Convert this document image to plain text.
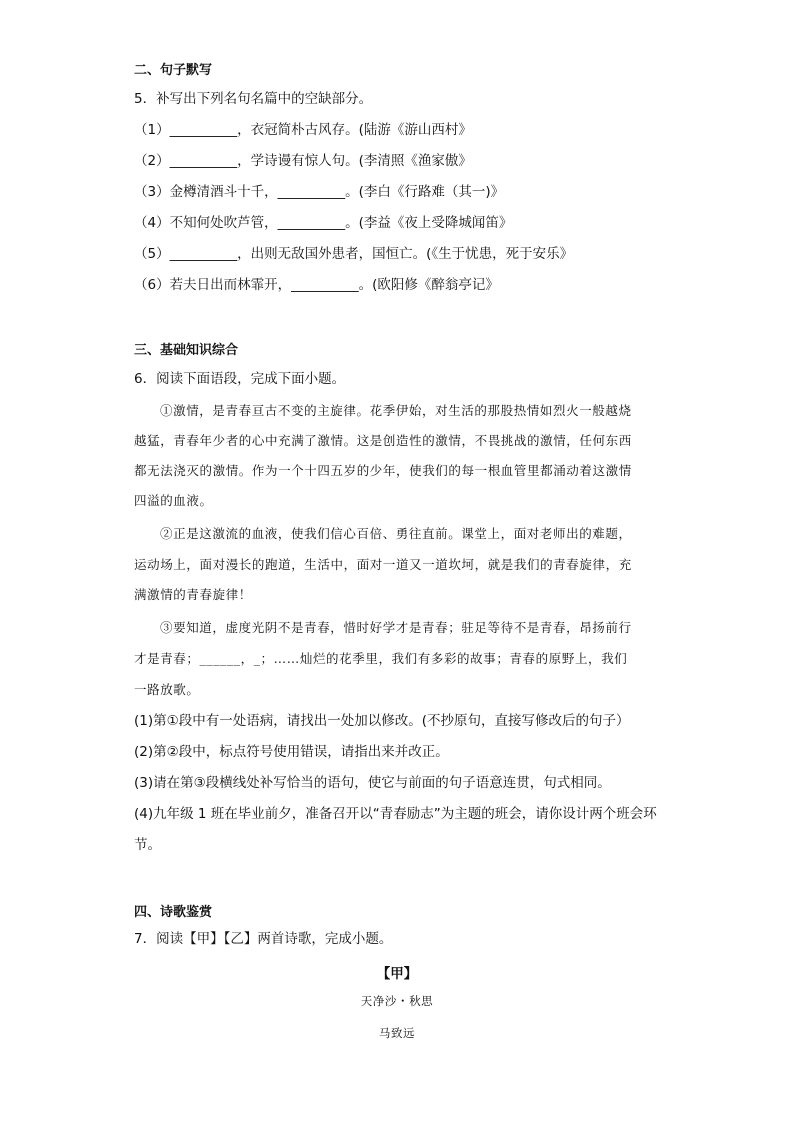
二、句子默写
5．补写出下列名句名篇中的空缺部分。
（1）__________，衣冠简朴古风存。(陆游《游山西村》
（2）__________，学诗谩有惊人句。(李清照《渔家傲》
（3）金樽清酒斗十千，__________。(李白《行路难（其一)》
（4）不知何处吹芦管，__________。(李益《夜上受降城闻笛》
（5）__________，出则无敌国外患者，国恒亡。(《生于忧患，死于安乐》
（6）若夫日出而林霏开，__________。(欧阳修《醉翁亭记》
三、基础知识综合
6．阅读下面语段，完成下面小题。
①激情，是青春亘古不变的主旋律。花季伊始，对生活的那股热情如烈火一般越烧
越猛，青春年少者的心中充满了激情。这是创造性的激情，不畏挑战的激情，任何东西
都无法浇灭的激情。作为一个十四五岁的少年，使我们的每一根血管里都涌动着这激情
四溢的血液。
②正是这激流的血液，使我们信心百倍、勇往直前。课堂上，面对老师出的难题，
运动场上，面对漫长的跑道，生活中，面对一道又一道坎坷，就是我们的青春旋律，充
满激情的青春旋律！
③要知道，虚度光阴不是青春，惜时好学才是青春；驻足等待不是青春，昂扬前行
才是青春；______，_；……灿烂的花季里，我们有多彩的故事；青春的原野上，我们
一路放歌。
(1)第①段中有一处语病，请找出一处加以修改。(不抄原句，直接写修改后的句子）
(2)第②段中，标点符号使用错误，请指出来并改正。
(3)请在第③段横线处补写恰当的语句，使它与前面的句子语意连贯，句式相同。
(4)九年级 1 班在毕业前夕，准备召开以“青春励志”为主题的班会，请你设计两个班会环
节。
四、诗歌鉴赏
7．阅读【甲】【乙】两首诗歌，完成小题。
【甲】
天净沙・秋思
马致远
